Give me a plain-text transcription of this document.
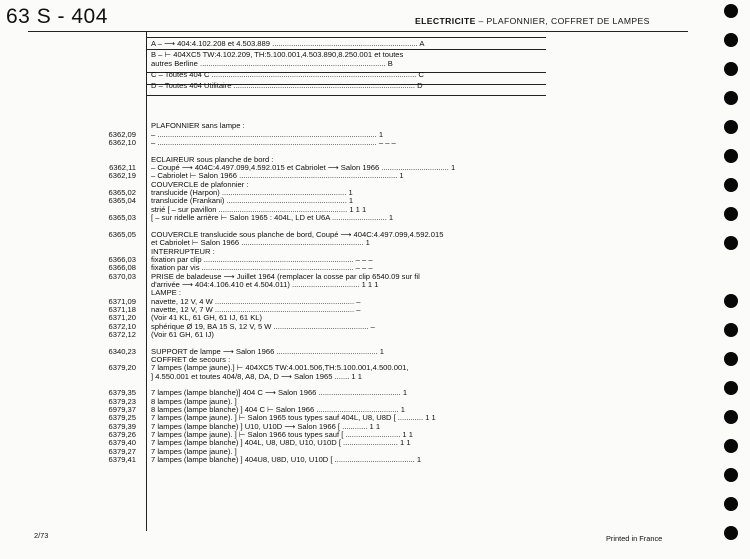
63 S - 404	ELECTRICITE – PLAFONNIER, COFFRET DE LAMPES
A – ⟶ 404:4.102.208 et 4.503.889 ..................................................................... A
B – ⊢ 404XC5 TW:4.102.209, TH:5.100.001,4.503.890,8.250.001 et toutes
autres Berline ........................................................................................ B
C – Toutes 404 C ................................................................................................. C
D – Toutes 404 Utilitaire ...................................................................................... D
6362,09
6362,10
6362,11
6362,19
6365,02
6365,04
6365,03
6365,05
6366,03
6366,08
6370,03
6371,09
6371,18
6371,20
6372,10
6372,12
6340,23
6379,20
6379,35
6379,23
6979,37
6379,25
6379,39
6379,26
6379,40
6379,27
6379,41
PLAFONNIER sans lampe :
– ........................................................................................................ 1
– ........................................................................................................ – – –
ECLAIREUR sous planche de bord :
– Coupé ⟶ 404C:4.497.099,4.592.015 et Cabriolet ⟶ Salon 1966 ................................ 1
– Cabriolet ⊢ Salon 1966 ........................................................................... 1
COUVERCLE de plafonnier :
translucide (Harpon) ........................................................... 1
translucide (Frankani) ......................................................... 1
strié [ – sur pavillon ............................................................. 1 1 1
[ – sur ridelle arrière ⊢ Salon 1965 : 404L, LD et U6A .......................... 1
COUVERCLE translucide sous planche de bord, Coupé ⟶ 404C:4.497.099,4.592.015
et Cabriolet ⊢ Salon 1966 .......................................................... 1
INTERRUPTEUR :
fixation par clip ....................................................................... – – –
fixation par vis ........................................................................ – – –
PRISE de baladeuse ⟶ Juillet 1964 (remplacer la cosse par clip 6540.09 sur fil
d'arrivée ⟶ 404:4.106.410 et 4.504.011) ................................ 1 1 1
LAMPE :
navette, 12 V, 4 W .................................................................. –
navette, 12 V, 7 W .................................................................. –
(Voir 41 KL, 61 GH, 61 IJ, 61 KL)
sphérique Ø 19, BA 15 S, 12 V, 5 W ............................................. –
(Voir 61 GH, 61 IJ)
SUPPORT de lampe ⟶ Salon 1966 ................................................ 1
COFFRET de secours :
7 lampes (lampe jaune).] ⊢ 404XC5 TW:4.001.506,TH:5.100.001,4.500.001,
] 4.550.001 et toutes 404/8, A8, DA, D ⟶ Salon 1965 ....... 1 1
7 lampes (lampe blanche)] 404 C ⟶ Salon 1966 ....................................... 1
8 lampes (lampe jaune). ]
8 lampes (lampe blanche) ] 404 C ⊢ Salon 1966 ....................................... 1
7 lampes (lampe jaune). ] ⊢ Salon 1965 tous types sauf 404L, U8, U8D [ ............ 1 1
7 lampes (lampe blanche) ] U10, U10D ⟶ Salon 1966 [ ............ 1 1
7 lampes (lampe jaune). ] ⊢ Salon 1966 tous types sauf [ .......................... 1 1
7 lampes (lampe blanche) ] 404L, U8, U8D, U10, U10D [ .......................... 1 1
7 lampes (lampe jaune). ]
7 lampes (lampe blanche) ] 404U8, U8D, U10, U10D [ ...................................... 1
2/73	Printed in France
